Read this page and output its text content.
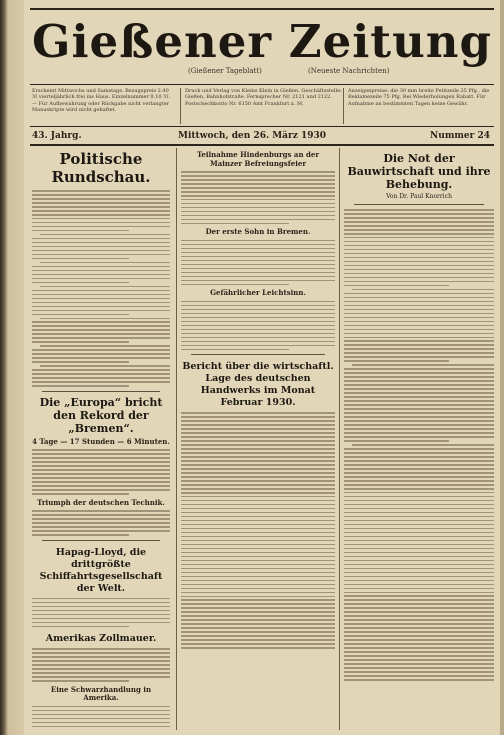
Gießener Zeitung
(Gießener Tageblatt)	(Neueste Nachrichten)
Erscheint Mittwochs und Samstags. Bezugspreis 2.40 ℳ vierteljährlich frei ins Haus. Einzelnummer 0.10 ℳ. — Für Aufbewahrung oder Rückgabe nicht verlangter Manuskripte wird nicht gehaftet.
Druck und Verlag von Kleins Klein in Gießen. Geschäftsstelle: Gießen, Bahnhofstraße. Fernsprecher Nr. 2121 und 2122. Postscheckkonto Nr. 6150 Amt Frankfurt a. M.
Anzeigenpreise: die 30 mm breite Petitzeile 25 Pfg., die Reklamezeile 75 Pfg. Bei Wiederholungen Rabatt. Für Aufnahme an bestimmten Tagen keine Gewähr.
43. Jahrg.	Mittwoch, den 26. März 1930	Nummer 24
Politische Rundschau.
Die „Europa“ bricht den Rekord der „Bremen“.
4 Tage — 17 Stunden — 6 Minuten.
Triumph der deutschen Technik.
Hapag-Lloyd, die drittgrößte Schiffahrtsgesellschaft der Welt.
Amerikas Zollmauer.
Eine Schwarzhandlung in Amerika.
Teilnahme Hindenburgs an der Mainzer Befreiungsfeier
Der erste Sohn in Bremen.
Gefährlicher Leichtsinn.
Bericht über die wirtschaftl. Lage des deutschen Handwerks im Monat Februar 1930.
Die Not der Bauwirtschaft und ihre Behebung.
Von Dr. Paul Knorrich
